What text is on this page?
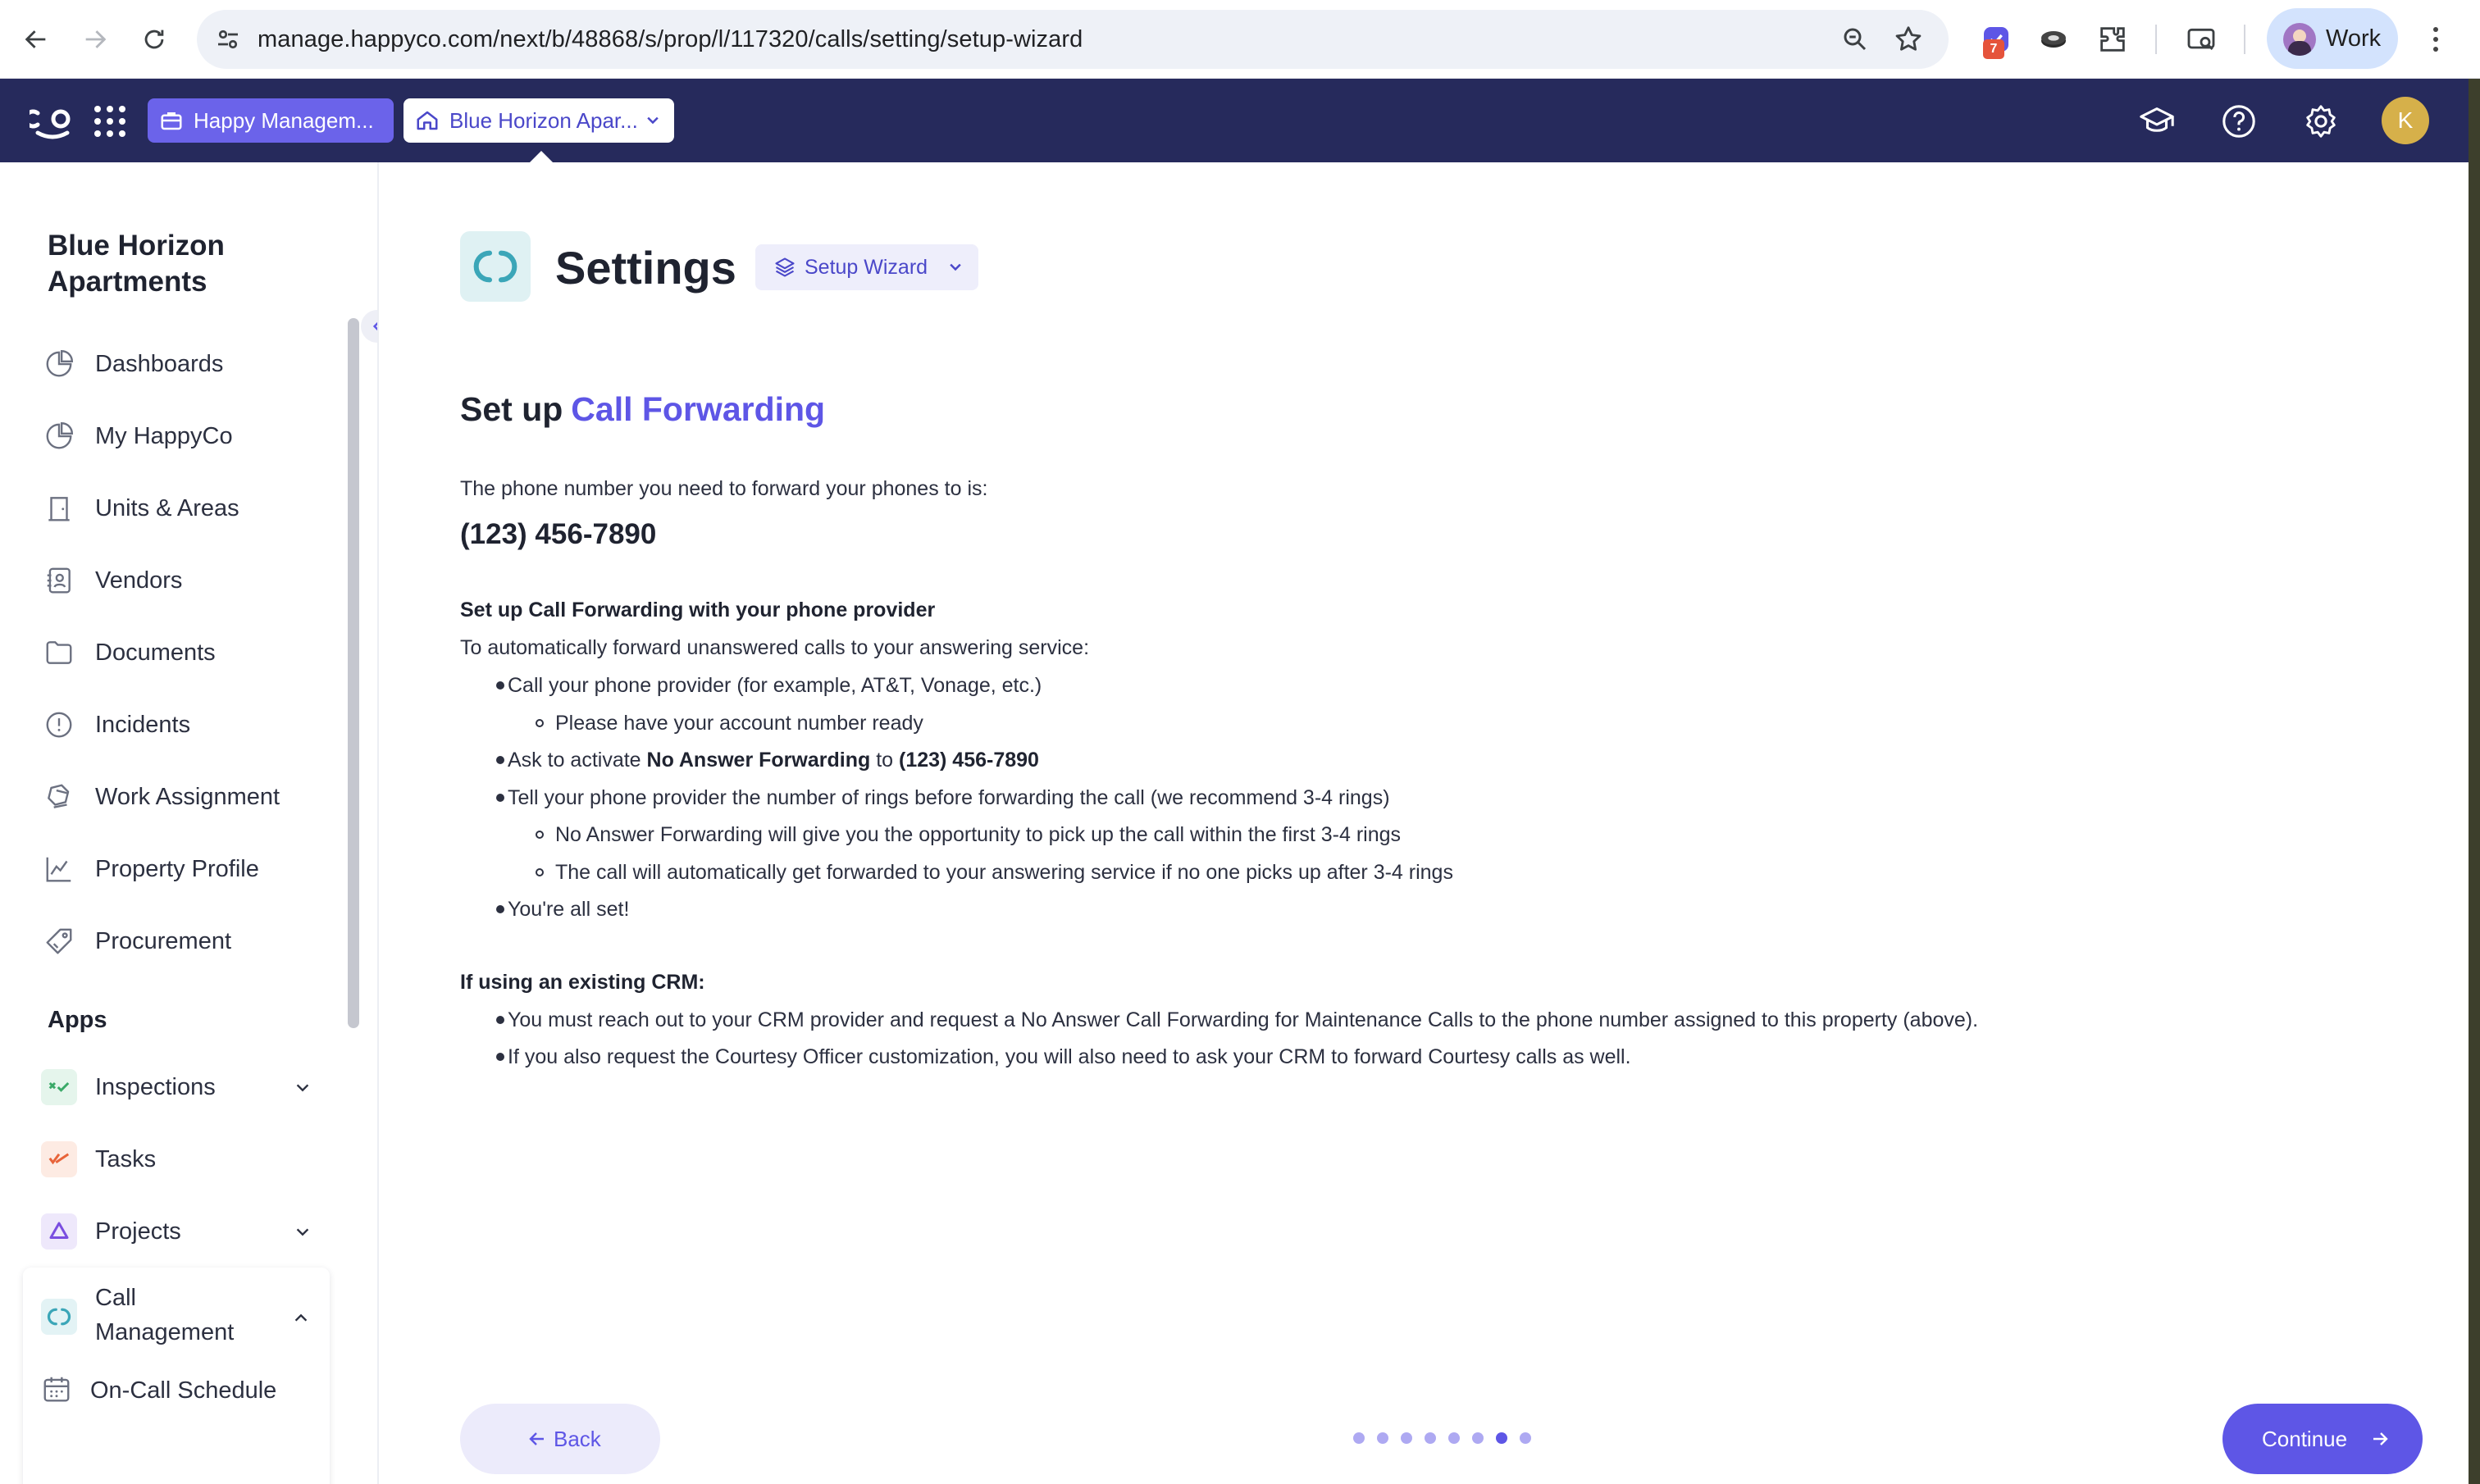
manage.happyco.com/next/b/48868/s/prop/l/117320/calls/setting/setup-wizard	7	Work
Happy Managem...	Blue Horizon Apar...	K
Blue Horizon Apartments
Dashboards
My HappyCo
Units & Areas
Vendors
Documents
Incidents
Work Assignment
Property Profile
Procurement
Apps
Inspections
Tasks
Projects
Call Management
On-Call Schedule
Settings	Setup Wizard
Set up Call Forwarding
The phone number you need to forward your phones to is:
(123) 456-7890
Set up Call Forwarding with your phone provider
To automatically forward unanswered calls to your answering service:
Call your phone provider (for example, AT&T, Vonage, etc.)
Please have your account number ready
Ask to activate No Answer Forwarding to (123) 456-7890
Tell your phone provider the number of rings before forwarding the call (we recommend 3-4 rings)
No Answer Forwarding will give you the opportunity to pick up the call within the first 3-4 rings
The call will automatically get forwarded to your answering service if no one picks up after 3-4 rings
You're all set!
If using an existing CRM:
You must reach out to your CRM provider and request a No Answer Call Forwarding for Maintenance Calls to the phone number assigned to this property (above).
If you also request the Courtesy Officer customization, you will also need to ask your CRM to forward Courtesy calls as well.
Back	Continue
